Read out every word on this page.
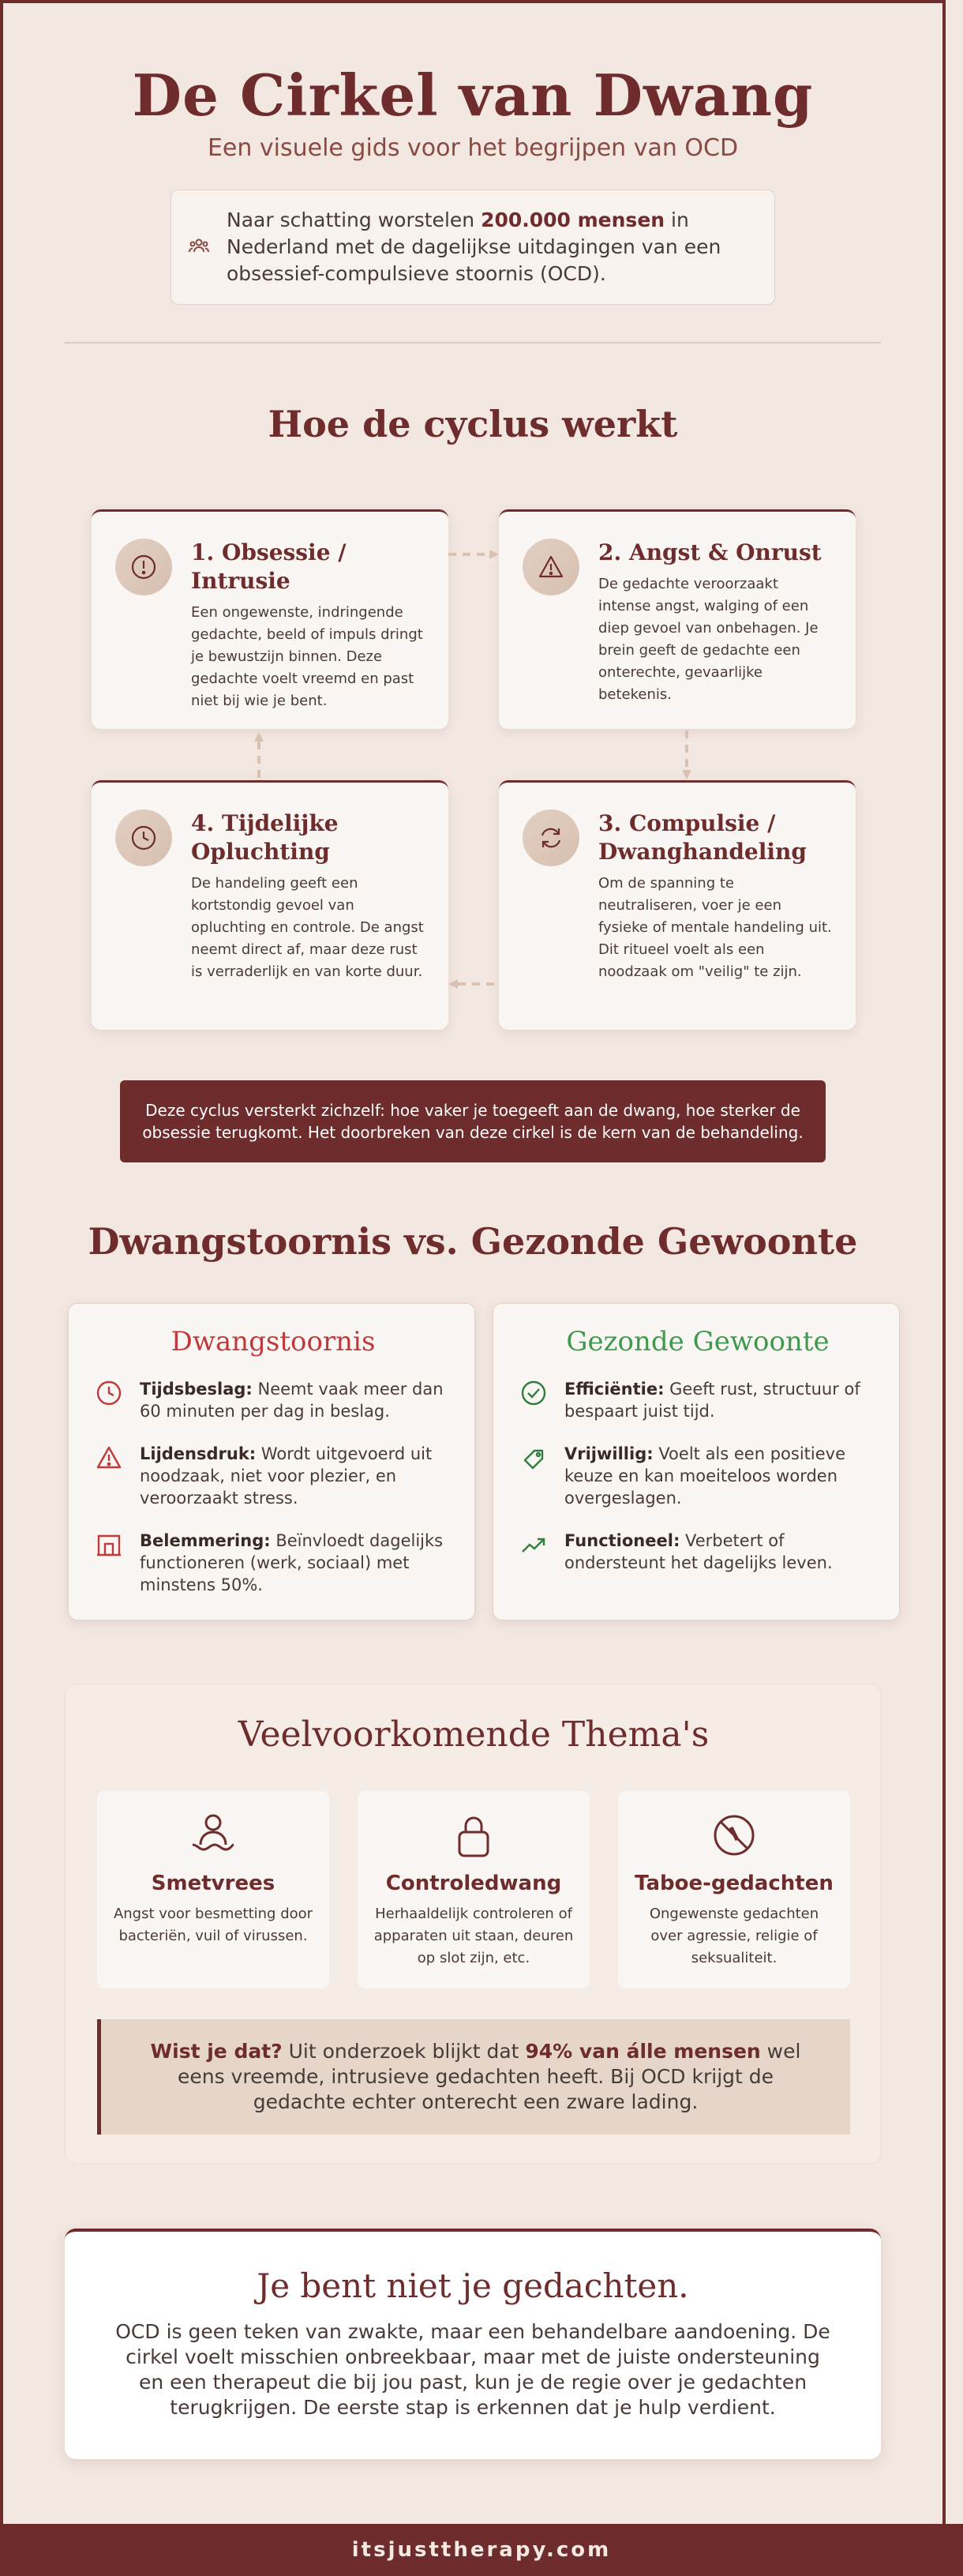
De Cirkel van Dwang
Een visuele gids voor het begrijpen van OCD

Naar schatting worstelen 200.000 mensen in Nederland met de dagelijkse uitdagingen van een obsessief-compulsieve stoornis (OCD).

Hoe de cyclus werkt
1. Obsessie / Intrusie
Een ongewenste, indringende gedachte, beeld of impuls dringt je bewustzijn binnen. Deze gedachte voelt vreemd en past niet bij wie je bent.
2. Angst & Onrust
De gedachte veroorzaakt intense angst, walging of een diep gevoel van onbehagen. Je brein geeft de gedachte een onterechte, gevaarlijke betekenis.
3. Compulsie / Dwanghandeling
Om de spanning te neutraliseren, voer je een fysieke of mentale handeling uit. Dit ritueel voelt als een noodzaak om "veilig" te zijn.
4. Tijdelijke Opluchting
De handeling geeft een kortstondig gevoel van opluchting en controle. De angst neemt direct af, maar deze rust is verraderlijk en van korte duur.
Deze cyclus versterkt zichzelf: hoe vaker je toegeeft aan de dwang, hoe sterker de obsessie terugkomt. Het doorbreken van deze cirkel is de kern van de behandeling.
Dwangstoornis vs. Gezonde Gewoonte
Dwangstoornis

Tijdsbeslag: Neemt vaak meer dan 60 minuten per dag in beslag.

Lijdensdruk: Wordt uitgevoerd uit noodzaak, niet voor plezier, en veroorzaakt stress.

Belemmering: Beïnvloedt dagelijks functioneren (werk, sociaal) met minstens 50%.

Gezonde Gewoonte

Efficiëntie: Geeft rust, structuur of bespaart juist tijd.

Vrijwillig: Voelt als een positieve keuze en kan moeiteloos worden overgeslagen.

Functioneel: Verbetert of ondersteunt het dagelijks leven.

Veelvoorkomende Thema's
Smetvrees
Angst voor besmetting door bacteriën, vuil of virussen.
Controledwang
Herhaaldelijk controleren of apparaten uit staan, deuren op slot zijn, etc.
Taboe-gedachten
Ongewenste gedachten over agressie, religie of seksualiteit.

Wist je dat? Uit onderzoek blijkt dat 94% van álle mensen wel eens vreemde, intrusieve gedachten heeft. Bij OCD krijgt de gedachte echter onterecht een zware lading.

Je bent niet je gedachten.

OCD is geen teken van zwakte, maar een behandelbare aandoening. De cirkel voelt misschien onbreekbaar, maar met de juiste ondersteuning en een therapeut die bij jou past, kun je de regie over je gedachten terugkrijgen. De eerste stap is erkennen dat je hulp verdient.

itsjusttherapy.com
